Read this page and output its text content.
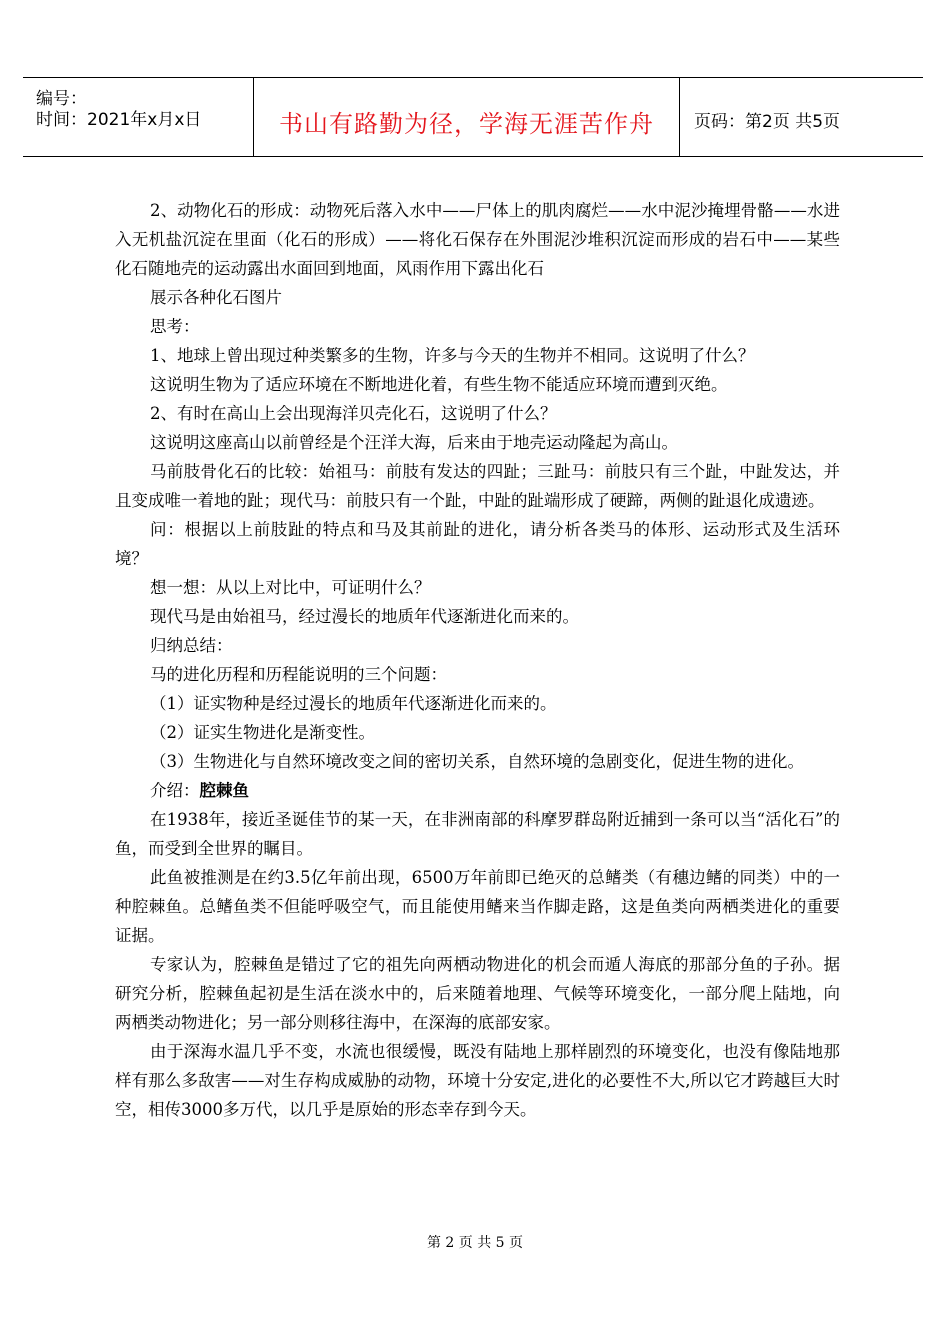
编号：
时间：2021年x月x日	书山有路勤为径，学海无涯苦作舟	页码：第2页 共5页

2、动物化石的形成：动物死后落入水中——尸体上的肌肉腐烂——水中泥沙掩埋骨骼——水进入无机盐沉淀在里面（化石的形成）——将化石保存在外围泥沙堆积沉淀而形成的岩石中——某些化石随地壳的运动露出水面回到地面，风雨作用下露出化石

展示各种化石图片

思考：

1、地球上曾出现过种类繁多的生物，许多与今天的生物并不相同。这说明了什么？

这说明生物为了适应环境在不断地进化着，有些生物不能适应环境而遭到灭绝。

2、有时在高山上会出现海洋贝壳化石，这说明了什么？

这说明这座高山以前曾经是个汪洋大海，后来由于地壳运动隆起为高山。

马前肢骨化石的比较：始祖马：前肢有发达的四趾；三趾马：前肢只有三个趾，中趾发达，并且变成唯一着地的趾；现代马：前肢只有一个趾，中趾的趾端形成了硬蹄，两侧的趾退化成遗迹。

问：根据以上前肢趾的特点和马及其前趾的进化，请分析各类马的体形、运动形式及生活环境？

想一想：从以上对比中，可证明什么？

现代马是由始祖马，经过漫长的地质年代逐渐进化而来的。

归纳总结：

马的进化历程和历程能说明的三个问题：

（1）证实物种是经过漫长的地质年代逐渐进化而来的。

（2）证实生物进化是渐变性。

（3）生物进化与自然环境改变之间的密切关系，自然环境的急剧变化，促进生物的进化。

介绍：腔棘鱼

在1938年，接近圣诞佳节的某一天，在非洲南部的科摩罗群岛附近捕到一条可以当“活化石”的鱼，而受到全世界的瞩目。

此鱼被推测是在约3.5亿年前出现，6500万年前即已绝灭的总鳍类（有穗边鳍的同类）中的一种腔棘鱼。总鳍鱼类不但能呼吸空气，而且能使用鳍来当作脚走路，这是鱼类向两栖类进化的重要证据。

专家认为，腔棘鱼是错过了它的祖先向两栖动物进化的机会而遁人海底的那部分鱼的子孙。据研究分析，腔棘鱼起初是生活在淡水中的，后来随着地理、气候等环境变化，一部分爬上陆地，向两栖类动物进化；另一部分则移往海中，在深海的底部安家。

由于深海水温几乎不变，水流也很缓慢，既没有陆地上那样剧烈的环境变化，也没有像陆地那样有那么多敌害——对生存构成威胁的动物，环境十分安定,进化的必要性不大,所以它才跨越巨大时空，相传3000多万代，以几乎是原始的形态幸存到今天。

第 2 页 共 5 页
